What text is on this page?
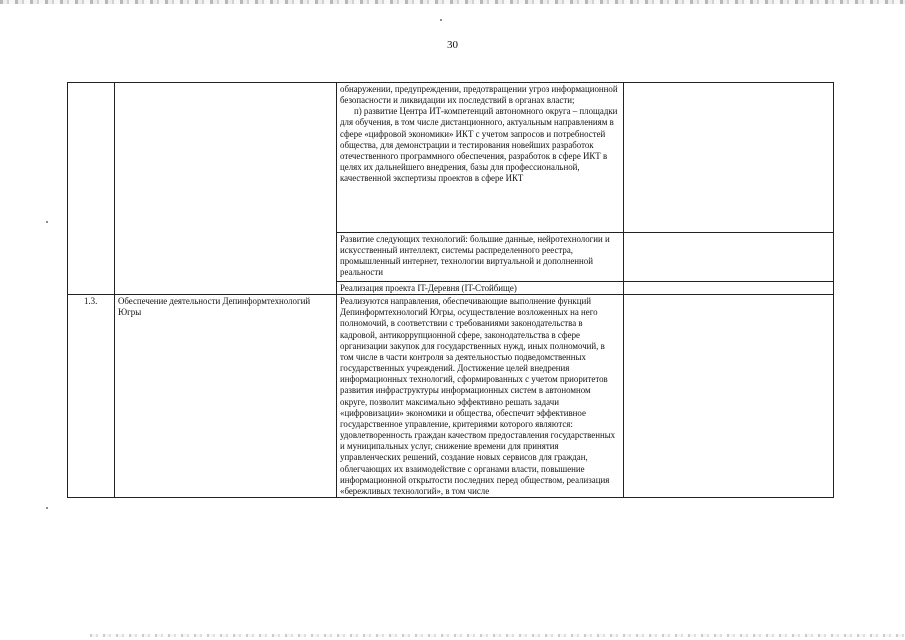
30

		обнаружении, предупреждении, предотвращении угроз информационной безопасности и ликвидации их последствий в органах власти;

п) развитие Центра ИТ-компетенций автономного округа – площадки для обучения, в том числе дистанционного, актуальным направлениям в сфере «цифровой экономики» ИКТ с учетом запросов и потребностей общества, для демонстрации и тестирования новейших разработок отечественного программного обеспечения, разработок в сфере ИКТ в целях их дальнейшего внедрения, базы для профессиональной, качественной экспертизы проектов в сфере ИКТ	

		Развитие следующих технологий: большие данные, нейротехнологии и искусственный интеллект, системы распределенного реестра, промышленный интернет, технологии виртуальной и дополненной реальности	

		Реализация проекта IT-Деревня (IT-Стойбище)	

1.3.	Обеспечение деятельности Депинформтехнологий Югры	Реализуются направления, обеспечивающие выполнение функций Депинформтехнологий Югры, осуществление возложенных на него полномочий, в соответствии с требованиями законодательства в кадровой, антикоррупционной сфере, законодательства в сфере организации закупок для государственных нужд, иных полномочий, в том числе в части контроля за деятельностью подведомственных государственных учреждений. Достижение целей внедрения информационных технологий, сформированных с учетом приоритетов развития инфраструктуры информационных систем в автономном округе, позволит максимально эффективно решать задачи «цифровизации» экономики и общества, обеспечит эффективное государственное управление, критериями которого являются: удовлетворенность граждан качеством предоставления государственных и муниципальных услуг, снижение времени для принятия управленческих решений, создание новых сервисов для граждан, облегчающих их взаимодействие с органами власти, повышение информационной открытости последних перед обществом, реализация «бережливых технологий», в том числе	
